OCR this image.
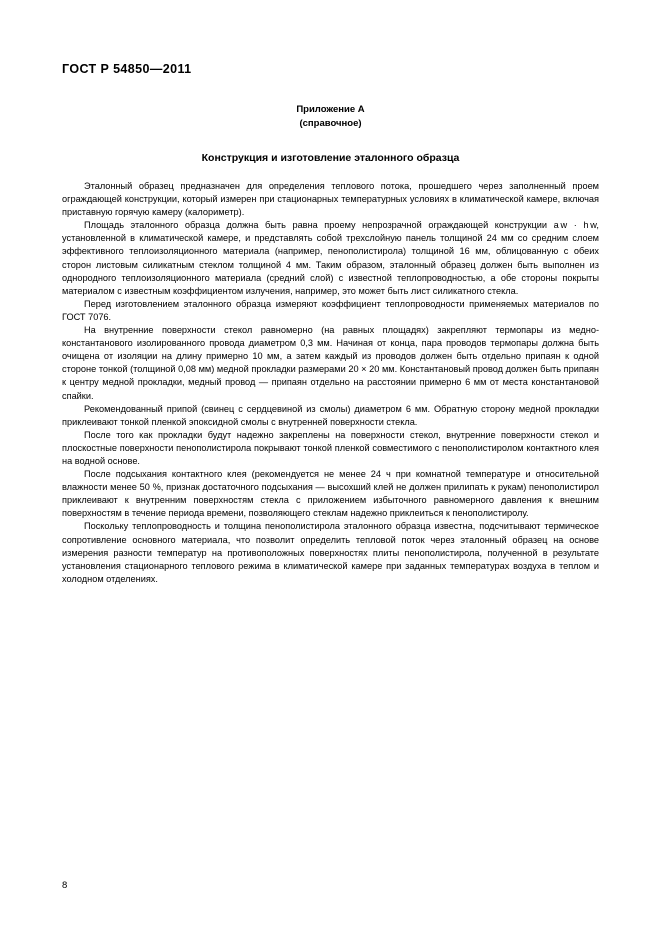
ГОСТ Р 54850—2011
Приложение А
(справочное)
Конструкция и изготовление эталонного образца

Эталонный образец предназначен для определения теплового потока, прошедшего через заполненный проем ограждающей конструкции, который измерен при стационарных температурных условиях в климатической камере, включая приставную горячую камеру (калориметр).

Площадь эталонного образца должна быть равна проему непрозрачной ограждающей конструкции a w · h w, установленной в климатической камере, и представлять собой трехслойную панель толщиной 24 мм со средним слоем эффективного теплоизоляционного материала (например, пенополистирола) толщиной 16 мм, облицованную с обеих сторон листовым силикатным стеклом толщиной 4 мм. Таким образом, эталонный образец должен быть выполнен из однородного теплоизоляционного материала (средний слой) с известной теплопроводностью, а обе стороны покрыты материалом с известным коэффициентом излучения, например, это может быть лист силикатного стекла.

Перед изготовлением эталонного образца измеряют коэффициент теплопроводности применяемых материалов по ГОСТ 7076.

На внутренние поверхности стекол равномерно (на равных площадях) закрепляют термопары из медно-константанового изолированного провода диаметром 0,3 мм. Начиная от конца, пара проводов термопары должна быть очищена от изоляции на длину примерно 10 мм, а затем каждый из проводов должен быть отдельно припаян к одной стороне тонкой (толщиной 0,08 мм) медной прокладки размерами 20 × 20 мм. Константановый провод должен быть припаян к центру медной прокладки, медный провод — припаян отдельно на расстоянии примерно 6 мм от места константановой спайки.

Рекомендованный припой (свинец с сердцевиной из смолы) диаметром 6 мм. Обратную сторону медной прокладки приклеивают тонкой пленкой эпоксидной смолы с внутренней поверхности стекла.

После того как прокладки будут надежно закреплены на поверхности стекол, внутренние поверхности стекол и плоскостные поверхности пенополистирола покрывают тонкой пленкой совместимого с пенополистиролом контактного клея на водной основе.

После подсыхания контактного клея (рекомендуется не менее 24 ч при комнатной температуре и относительной влажности менее 50 %, признак достаточного подсыхания — высохший клей не должен прилипать к рукам) пенополистирол приклеивают к внутренним поверхностям стекла с приложением избыточного равномерного давления к внешним поверхностям в течение периода времени, позволяющего стеклам надежно приклеиться к пенополистиролу.

Поскольку теплопроводность и толщина пенополистирола эталонного образца известна, подсчитывают термическое сопротивление основного материала, что позволит определить тепловой поток через эталонный образец на основе измерения разности температур на противоположных поверхностях плиты пенополистирола, полученной в результате установления стационарного теплового режима в климатической камере при заданных температурах воздуха в теплом и холодном отделениях.

8
